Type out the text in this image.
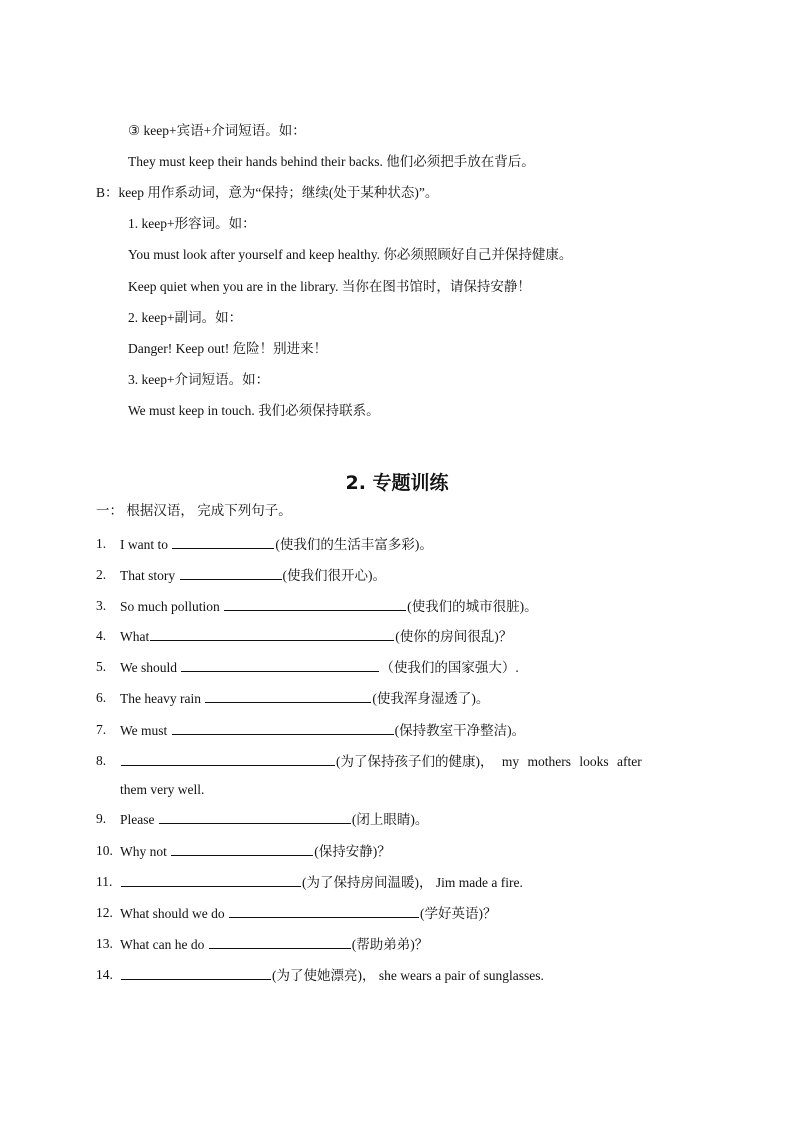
③ keep+宾语+介词短语。如：
They must keep their hands behind their backs. 他们必须把手放在背后。
B：keep 用作系动词，意为“保持；继续(处于某种状态)”。
1. keep+形容词。如：
You must look after yourself and keep healthy. 你必须照顾好自己并保持健康。
Keep quiet when you are in the library. 当你在图书馆时，请保持安静！
2. keep+副词。如：
Danger! Keep out! 危险！别进来！
3. keep+介词短语。如：
We must keep in touch. 我们必须保持联系。
2. 专题训练
一： 根据汉语， 完成下列句子。
1. I want to	(使我们的生活丰富多彩)。
2. That story	(使我们很开心)。
3. So much pollution	(使我们的城市很脏)。
4. What	(使你的房间很乱)？
5. We should	（使我们的国家强大）.
6. The heavy rain	(使我浑身湿透了)。
7. We must	(保持教室干净整洁)。
8.	(为了保持孩子们的健康)， my mothers looks after
them very well.
9. Please	(闭上眼睛)。
10. Why not	(保持安静)？
11.	(为了保持房间温暖)， Jim made a fire.
12. What should we do	(学好英语)？
13. What can he do	(帮助弟弟)？
14.	(为了使她漂亮)， she wears a pair of sunglasses.
